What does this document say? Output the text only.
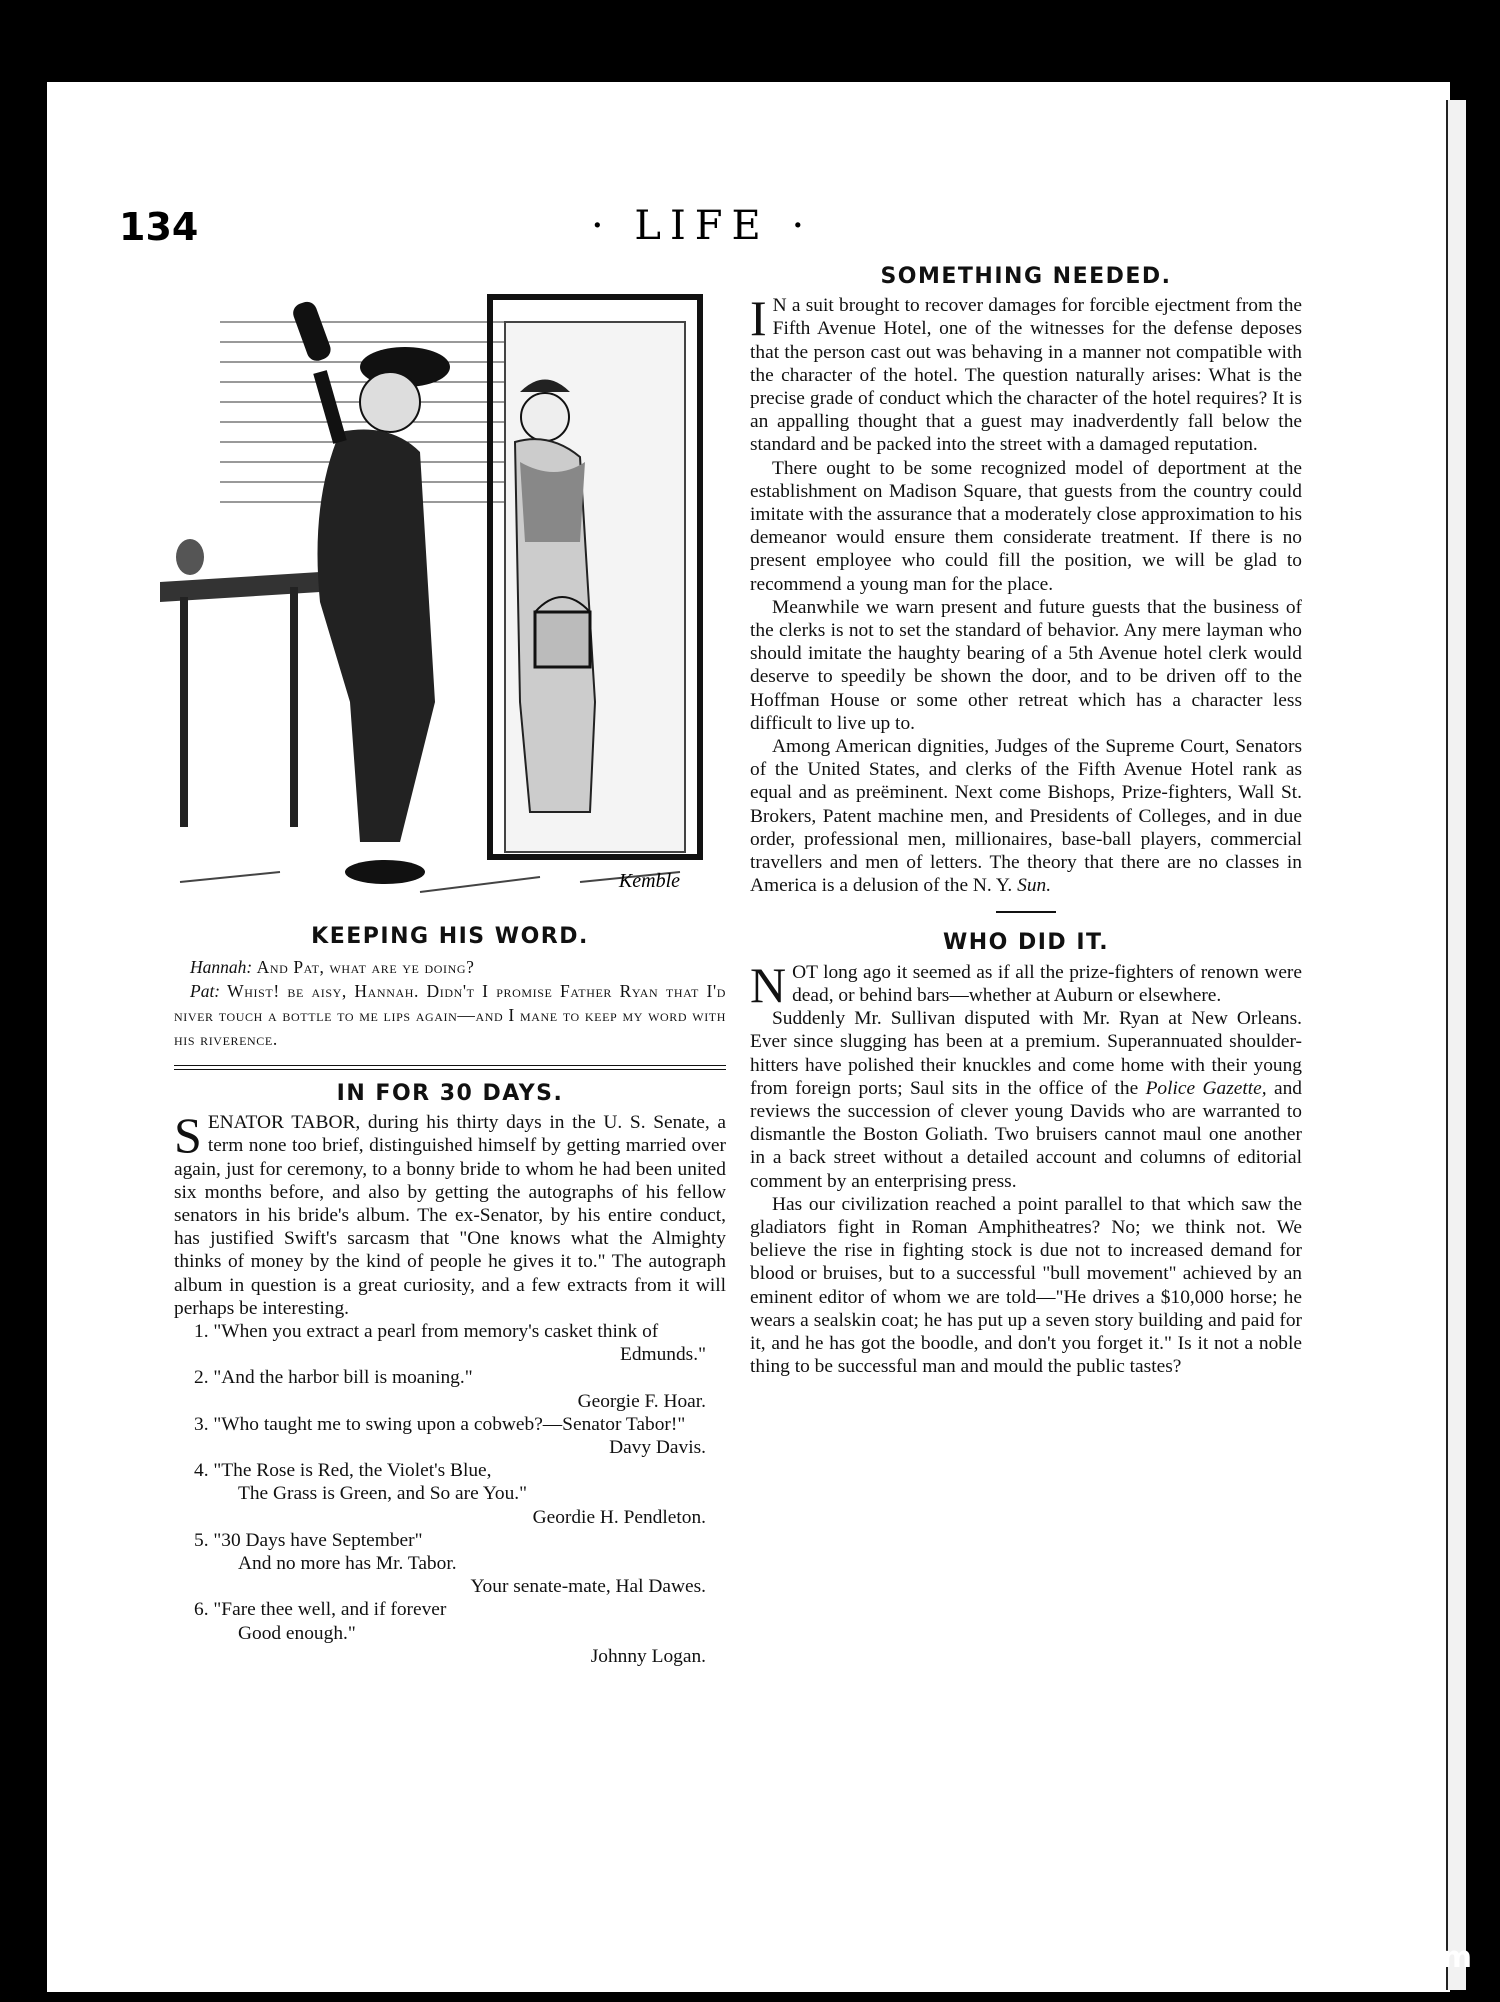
134	· LIFE ·
Kemble
KEEPING HIS WORD.

Hannah: And Pat, what are ye doing?

Pat: Whist! be aisy, Hannah. Didn't I promise Father Ryan that I'd niver touch a bottle to me lips again—and I mane to keep my word with his riverence.

IN FOR 30 DAYS.

SENATOR TABOR, during his thirty days in the U. S. Senate, a term none too brief, distinguished himself by getting married over again, just for ceremony, to a bonny bride to whom he had been united six months before, and also by getting the autographs of his fellow senators in his bride's album. The ex-Senator, by his entire conduct, has justified Swift's sarcasm that "One knows what the Almighty thinks of money by the kind of people he gives it to." The autograph album in question is a great curiosity, and a few extracts from it will perhaps be interesting.

1. "When you extract a pearl from memory's casket think of
Edmunds."
2. "And the harbor bill is moaning."
Georgie F. Hoar.
3. "Who taught me to swing upon a cobweb?—Senator Tabor!"
Davy Davis.
4. "The Rose is Red, the Violet's Blue,
The Grass is Green, and So are You."
Geordie H. Pendleton.
5. "30 Days have September"
And no more has Mr. Tabor.
Your senate-mate, Hal Dawes.
6. "Fare thee well, and if forever
Good enough."
Johnny Logan.
SOMETHING NEEDED.

I N a suit brought to recover damages for forcible ejectment from the Fifth Avenue Hotel, one of the witnesses for the defense deposes that the person cast out was behaving in a manner not compatible with the character of the hotel. The question naturally arises: What is the precise grade of conduct which the character of the hotel requires? It is an appalling thought that a guest may inadverdently fall below the standard and be packed into the street with a damaged reputation.

There ought to be some recognized model of deportment at the establishment on Madison Square, that guests from the country could imitate with the assurance that a moderately close approximation to his demeanor would ensure them considerate treatment. If there is no present employee who could fill the position, we will be glad to recommend a young man for the place.

Meanwhile we warn present and future guests that the business of the clerks is not to set the standard of behavior. Any mere layman who should imitate the haughty bearing of a 5th Avenue hotel clerk would deserve to speedily be shown the door, and to be driven off to the Hoffman House or some other retreat which has a character less difficult to live up to.

Among American dignities, Judges of the Supreme Court, Senators of the United States, and clerks of the Fifth Avenue Hotel rank as equal and as preëminent. Next come Bishops, Prize-fighters, Wall St. Brokers, Patent machine men, and Presidents of Colleges, and in due order, professional men, millionaires, base-ball players, commercial travellers and men of letters. The theory that there are no classes in America is a delusion of the N. Y. Sun.

WHO DID IT.

NOT long ago it seemed as if all the prize-fighters of renown were dead, or behind bars—whether at Auburn or elsewhere.

Suddenly Mr. Sullivan disputed with Mr. Ryan at New Orleans. Ever since slugging has been at a premium. Superannuated shoulder-hitters have polished their knuckles and come home with their young from foreign ports; Saul sits in the office of the Police Gazette, and reviews the succession of clever young Davids who are warranted to dismantle the Boston Goliath. Two bruisers cannot maul one another in a back street without a detailed account and columns of editorial comment by an enterprising press.

Has our civilization reached a point parallel to that which saw the gladiators fight in Roman Amphitheatres? No; we think not. We believe the rise in fighting stock is due not to increased demand for blood or bruises, but to a successful "bull movement" achieved by an eminent editor of whom we are told—"He drives a $10,000 horse; he wears a sealskin coat; he has put up a seven story building and paid for it, and he has got the boodle, and don't you forget it." Is it not a noble thing to be successful man and mould the public tastes?

comicbooks.com
